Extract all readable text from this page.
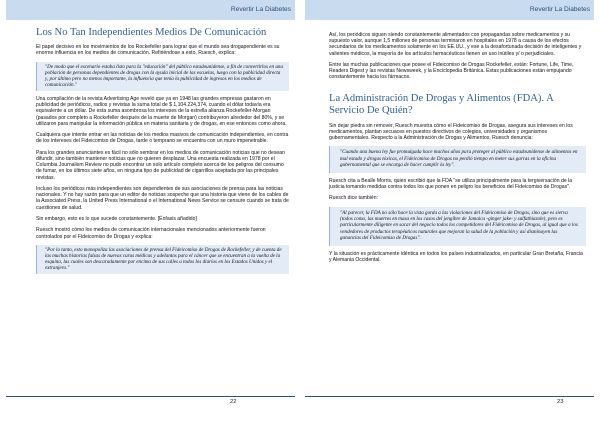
Revertir La Diabetes
Los No Tan Independientes Medios De Comunicación

El papel decisivo en los movimientos de los Rockefeller para lograr que el mundo sea drogapendiente es su enorme influencia en los medios de comunicación. Refiriéndose a esto, Ruesch, explica:

"De modo que el escenario estaba listo para la "educación" del público estadounidense, a fin de convertirlos en una población de personas dependientes de drogas con la ayuda inicial de las escuelas, luego con la publicidad directa y, por último pero no menos importante, la influencia que tenía la publicidad de ingresos en los medios de comunicación."

Una compilación de la revista Advertising Age reveló que ya en 1948 las grandes empresas gastaron en publicidad de periódicos, radios y revistas la suma total de $ 1,104.224,374, cuando el dólar todavía era equivalente a un dólar. De esta suma asombrosa los intereses de la estrella alianza Rockefeller-Morgan (pasados por completo a Rockefeller después de la muerte de Morgan) contribuyeron alrededor del 80%, y se utilizaron para manipular la información pública en materia sanitaria y de drogas, en ese entonces como ahora.

Cualquiera que intente entrar en las noticias de los medios masivos de comunicación independientes, en contra de los intereses del Fideicomiso de Drogas, tarde o temprano se encuentra con un muro impenetrable.

Para los grandes anunciantes es fácil no sólo sembrar en los medios de comunicación noticias que no desean difundir, sino también mantener noticias que no quieren desplazar. Una encuesta realizada en 1978 por el Columbia Journalism Review no pudo encontrar un solo artículo completo acerca de los peligros del consumo de fumar, en los últimos siete años, en ninguna tipo de publicidad de cigarrillos aceptada por las principales revistas.

Incluso los periódicos más independientes son dependientes de sus asociaciones de prensa para las noticias nacionales. Y no hay razón para que un editor de noticias sospeche que una historia que viene de los cables de la Associated Press, la United Press International o el International News Service se censure cuando se trata de cuestiones de salud.

Sin embargo, esto es lo que sucede constantemente. [Énfasis añadido]

Ruesch mostró cómo los medios de comunicación internacionales mencionados anteriormente fueron controlados por el Fideicomiso de Drogas y explica:

"Por lo tanto, esto monopoliza las asociaciones de prensa del Fideicomiso de Drogas de Rockefeller, y de cuenta de las muchas historias falsas de nuevas curas médicas y adelantos para el cáncer que se encuentran a la vuelta de la esquina, las cuales son descaradamente por encima de sus calles a todos los diarios en los Estados Unidos y el extranjero."
22
Revertir La Diabetes

Así, los periódicos siguen siendo constantemente alimentados con propagandas sobre medicamentos y su supuesto valor, aunque 1,5 millones de personas terminaron en hospitales en 1978 a causa de los efectos secundarios de los medicamentos solamente en los EE.UU., y ese a la desafortunada decisión de inteligentes y valientes médicos, la mayoría de los artículos farmacéuticos tienen un uso inútiles y/ o perjudiciales.

Entre las muchas publicaciones que posee el Fideicomiso de Drogas Rockefeller, están: Fortune, Life, Time, Readers Digest y las revistas Newsweek, y la Enciclopedia Británica. Estas publicaciones están empujando constantemente hacia los fármacos.

La Administración De Drogas y Alimentos (FDA). A Servicio De Quién?

Sin dejar piedra sin remover, Ruesch muestra cómo el Fideicomiso de Drogas, asegura sus intereses en los medicamentos, plantan secuaces en puestos directivos de colegios, universidades y organismos gubernamentales. Respecto a la Administración de Drogas y Alimentos, Ruesch denuncia:

"Cuando una buena ley fue promulgada hace muchos años para proteger al público estadounidense de alimentos en mal estado y drogas tóxicas, el Fideicomiso de Drogas no perdió tiempo en meter sus garras en la oficina gubernamental que se encarga de hacer cumplir la ley".

Ruesch cita a Bealle Morris, quien escribió que la FDA "se utiliza principalmente para la tergiversación de la justicia tomando medidas contra todos los que ponen en peligro los beneficios del Fideicomiso de Drogas".

Ruesch dice también:

"Al parecer, la FDA no sólo hace la vista gorda a las violaciones del Fideicomiso de Drogas, sino que es sierva (todos como, las muertes en masa en los casos del jengibre de Jamaica -ginger jake- y sulfathiazole), pero es particularmente diligente en sacar del negocio todos los competidores del Fideicomiso de Drogas, al igual que a los vendedores de productos terapéuticos naturales que mejoran la salud de la población y así disminuyen las ganancias del Fideicomiso de Drogas".

Y la situación es prácticamente idéntica en todos los países industrializados, en particular Gran Bretaña, Francia y Alemania Occidental.

23
